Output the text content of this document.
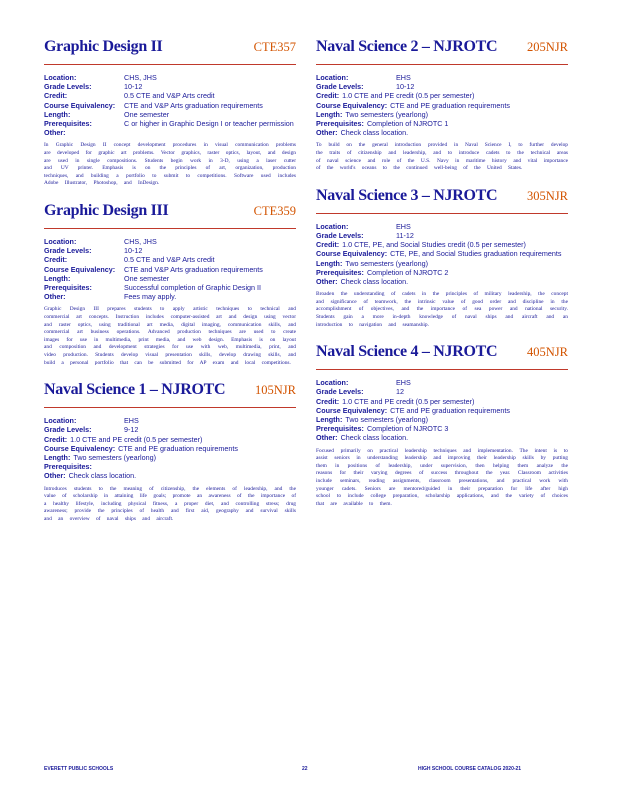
Graphic Design II	CTE357
Location:	CHS, JHS
Grade Levels:	10-12
Credit:	0.5 CTE and V&P Arts credit
Course Equivalency:	CTE and V&P Arts graduation requirements
Length:	One semester
Prerequisites:	C or higher in Graphic Design I or teacher permission
Other:
In Graphic Design II concept development procedures in visual communication problems are developed for graphic art problems. Vector graphics, raster optics, layout, and design are used in single compositions. Students begin work in 3-D, using a laser cutter and UV printer. Emphasis is on the principles of art, organization, production techniques, and building a portfolio to submit to competitions. Software used includes Adobe Illustrator, Photoshop, and InDesign.
Graphic Design III	CTE359
Location:	CHS, JHS
Grade Levels:	10-12
Credit:	0.5 CTE and V&P Arts credit
Course Equivalency:	CTE and V&P Arts graduation requirements
Length:	One semester
Prerequisites:	Successful completion of Graphic Design II
Other:	Fees may apply.
Graphic Design III prepares students to apply artistic techniques to technical and commercial art concepts. Instruction includes computer-assisted art and design using vector and raster optics, using traditional art media, digital imaging, communication skills, and commercial art business operations. Advanced production techniques are used to create images for use in multimedia, print media, and web design. Emphasis is on layout and composition and development strategies for use with web, multimedia, print, and video production. Students develop visual presentation skills, develop drawing skills, and build a personal portfolio that can be submitted for AP exam and local competitions.
Naval Science 1 – NJROTC 105NJR
Location:	EHS
Grade Levels:	9-12
Credit: 1.0 CTE and PE credit (0.5 per semester)
Course Equivalency: CTE and PE graduation requirements
Length: Two semesters (yearlong)
Prerequisites:
Other: Check class location.
Introduces students to the meaning of citizenship, the elements of leadership, and the value of scholarship in attaining life goals; promote an awareness of the importance of a healthy lifestyle, including physical fitness, a proper diet, and controlling stress; drug awareness; provide the principles of health and first aid, geography and survival skills and an overview of naval ships and aircraft.
Naval Science 2 – NJROTC 205NJR
Location:	EHS
Grade Levels:	10-12
Credit: 1.0 CTE and PE credit (0.5 per semester)
Course Equivalency: CTE and PE graduation requirements
Length: Two semesters (yearlong)
Prerequisites: Completion of NJROTC 1
Other: Check class location.
To build on the general introduction provided in Naval Science I, to further develop the traits of citizenship and leadership, and to introduce cadets to the technical areas of naval science and role of the U.S. Navy in maritime history and vital importance of the world's oceans to the continued well-being of the United States.
Naval Science 3 – NJROTC 305NJR
Location:	EHS
Grade Levels:	11-12
Credit: 1.0 CTE, PE, and Social Studies credit (0.5 per semester)
Course Equivalency: CTE, PE, and Social Studies graduation requirements
Length: Two semesters (yearlong)
Prerequisites: Completion of NJROTC 2
Other: Check class location.
Broaden the understanding of cadets in the principles of military leadership, the concept and significance of teamwork, the intrinsic value of good order and discipline in the accomplishment of objectives, and the importance of sea power and national security. Students gain a more in-depth knowledge of naval ships and aircraft and an introduction to navigation and seamanship.
Naval Science 4 – NJROTC 405NJR
Location:	EHS
Grade Levels:	12
Credit: 1.0 CTE and PE credit (0.5 per semester)
Course Equivalency: CTE and PE graduation requirements
Length: Two semesters (yearlong)
Prerequisites: Completion of NJROTC 3
Other: Check class location.
Focused primarily on practical leadership techniques and implementation. The intent is to assist seniors in understanding leadership and improving their leadership skills by putting them in positions of leadership, under supervision, then helping them analyze the reasons for their varying degrees of success throughout the year. Classroom activities include seminars, reading assignments, classroom presentations, and practical work with younger cadets. Seniors are mentored/guided in their preparation for life after high school to include college preparation, scholarship applications, and the variety of choices that are available to them.
EVERETT PUBLIC SCHOOLS	22	HIGH SCHOOL COURSE CATALOG 2020-21
